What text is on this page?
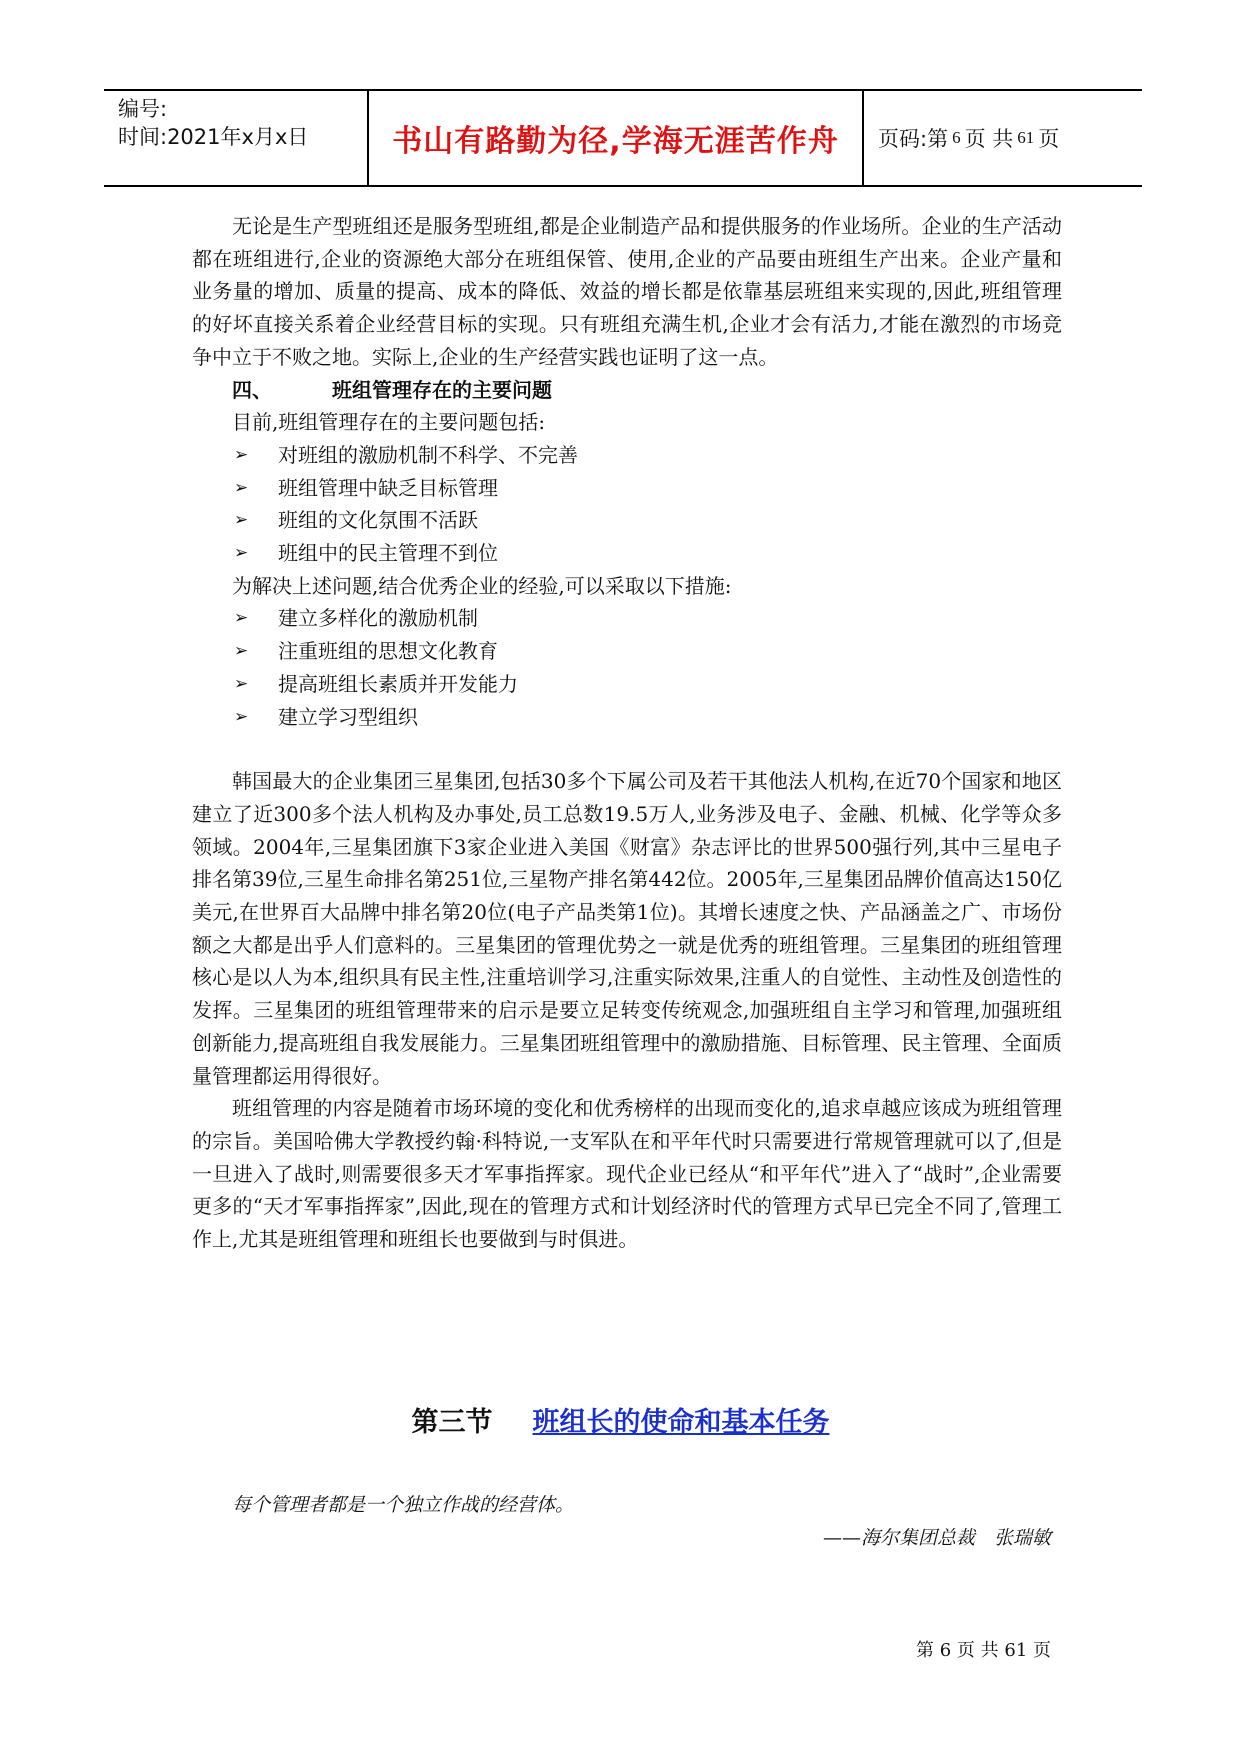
编号:
时间:2021年x月x日	书山有路勤为径,学海无涯苦作舟 页码:第 6 页 共 61 页

无论是生产型班组还是服务型班组,都是企业制造产品和提供服务的作业场所。企业的生产活动都在班组进行,企业的资源绝大部分在班组保管、使用,企业的产品要由班组生产出来。企业产量和业务量的增加、质量的提高、成本的降低、效益的增长都是依靠基层班组来实现的,因此,班组管理的好坏直接关系着企业经营目标的实现。只有班组充满生机,企业才会有活力,才能在激烈的市场竞争中立于不败之地。实际上,企业的生产经营实践也证明了这一点。

四、	班组管理存在的主要问题

目前,班组管理存在的主要问题包括:

➢	对班组的激励机制不科学、不完善
➢	班组管理中缺乏目标管理
➢	班组的文化氛围不活跃
➢	班组中的民主管理不到位

为解决上述问题,结合优秀企业的经验,可以采取以下措施:

➢	建立多样化的激励机制
➢	注重班组的思想文化教育
➢	提高班组长素质并开发能力
➢	建立学习型组织

韩国最大的企业集团三星集团,包括30多个下属公司及若干其他法人机构,在近70个国家和地区建立了近300多个法人机构及办事处,员工总数19.5万人,业务涉及电子、金融、机械、化学等众多领域。2004年,三星集团旗下3家企业进入美国《财富》杂志评比的世界500强行列,其中三星电子排名第39位,三星生命排名第251位,三星物产排名第442位。2005年,三星集团品牌价值高达150亿美元,在世界百大品牌中排名第20位(电子产品类第1位)。其增长速度之快、产品涵盖之广、市场份额之大都是出乎人们意料的。三星集团的管理优势之一就是优秀的班组管理。三星集团的班组管理核心是以人为本,组织具有民主性,注重培训学习,注重实际效果,注重人的自觉性、主动性及创造性的发挥。三星集团的班组管理带来的启示是要立足转变传统观念,加强班组自主学习和管理,加强班组创新能力,提高班组自我发展能力。三星集团班组管理中的激励措施、目标管理、民主管理、全面质量管理都运用得很好。

班组管理的内容是随着市场环境的变化和优秀榜样的出现而变化的,追求卓越应该成为班组管理的宗旨。美国哈佛大学教授约翰·科特说,一支军队在和平年代时只需要进行常规管理就可以了,但是一旦进入了战时,则需要很多天才军事指挥家。现代企业已经从“和平年代”进入了“战时”,企业需要更多的“天才军事指挥家”,因此,现在的管理方式和计划经济时代的管理方式早已完全不同了,管理工作上,尤其是班组管理和班组长也要做到与时俱进。

第三节 班组长的使命和基本任务
每个管理者都是一个独立作战的经营体。
——海尔集团总裁　张瑞敏
第 6 页 共 61 页
